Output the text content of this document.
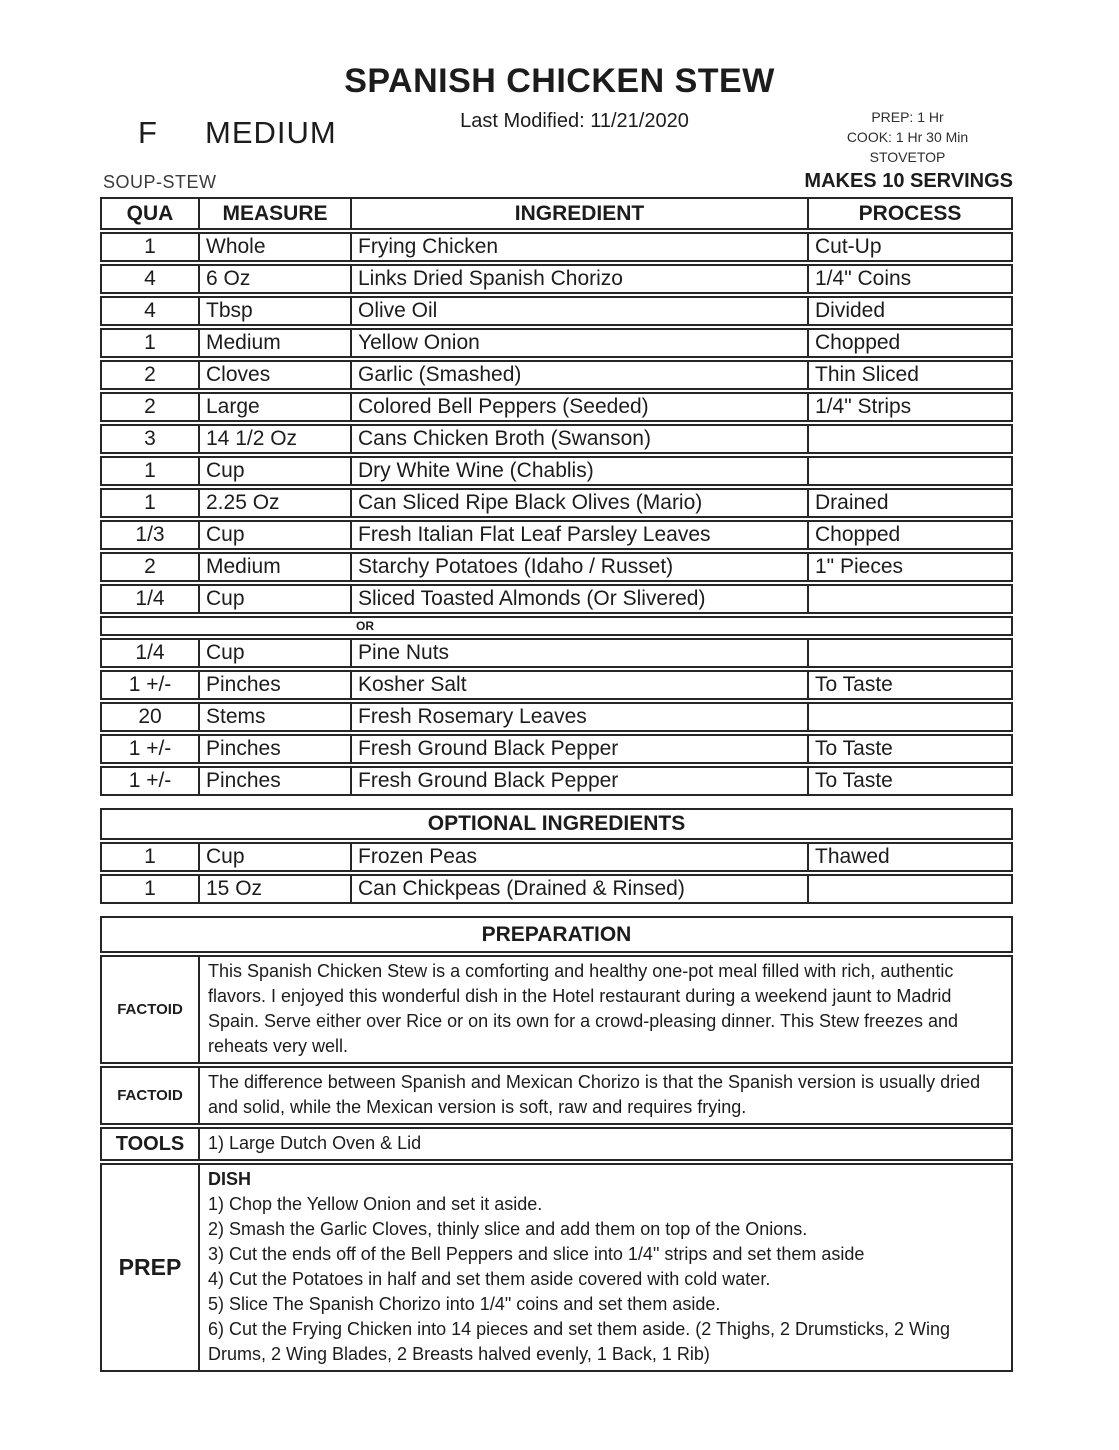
SPANISH CHICKEN STEW
Last Modified: 11/21/2020
F MEDIUM	PREP: 1 Hr
COOK: 1 Hr 30 Min
STOVETOP
SOUP-STEW	MAKES 10 SERVINGS
QUA	MEASURE	INGREDIENT	PROCESS
1	Whole	Frying Chicken	Cut-Up
4	6 Oz	Links Dried Spanish Chorizo	1/4" Coins
4	Tbsp	Olive Oil	Divided
1	Medium	Yellow Onion	Chopped
2	Cloves	Garlic (Smashed)	Thin Sliced
2	Large	Colored Bell Peppers (Seeded)	1/4" Strips
3	14 1/2 Oz	Cans Chicken Broth (Swanson)
1	Cup	Dry White Wine (Chablis)
1	2.25 Oz	Can Sliced Ripe Black Olives (Mario)	Drained
1/3	Cup	Fresh Italian Flat Leaf Parsley Leaves	Chopped
2	Medium	Starchy Potatoes (Idaho / Russet)	1" Pieces
1/4	Cup	Sliced Toasted Almonds (Or Slivered)
OR
1/4	Cup	Pine Nuts
1 +/-	Pinches	Kosher Salt	To Taste
20	Stems	Fresh Rosemary Leaves
1 +/-	Pinches	Fresh Ground Black Pepper	To Taste
1 +/-	Pinches	Fresh Ground Black Pepper	To Taste
OPTIONAL INGREDIENTS
1	Cup	Frozen Peas	Thawed
1	15 Oz	Can Chickpeas (Drained & Rinsed)
PREPARATION
FACTOID
This Spanish Chicken Stew is a comforting and healthy one-pot meal filled with rich, authentic flavors. I enjoyed this wonderful dish in the Hotel restaurant during a weekend jaunt to Madrid Spain. Serve either over Rice or on its own for a crowd-pleasing dinner. This Stew freezes and reheats very well.
FACTOID
The difference between Spanish and Mexican Chorizo is that the Spanish version is usually dried and solid, while the Mexican version is soft, raw and requires frying.
TOOLS	1) Large Dutch Oven & Lid
PREP
DISH
1) Chop the Yellow Onion and set it aside.
2) Smash the Garlic Cloves, thinly slice and add them on top of the Onions.
3) Cut the ends off of the Bell Peppers and slice into 1/4" strips and set them aside
4) Cut the Potatoes in half and set them aside covered with cold water.
5) Slice The Spanish Chorizo into 1/4" coins and set them aside.
6) Cut the Frying Chicken into 14 pieces and set them aside. (2 Thighs, 2 Drumsticks, 2 Wing Drums, 2 Wing Blades, 2 Breasts halved evenly, 1 Back, 1 Rib)
